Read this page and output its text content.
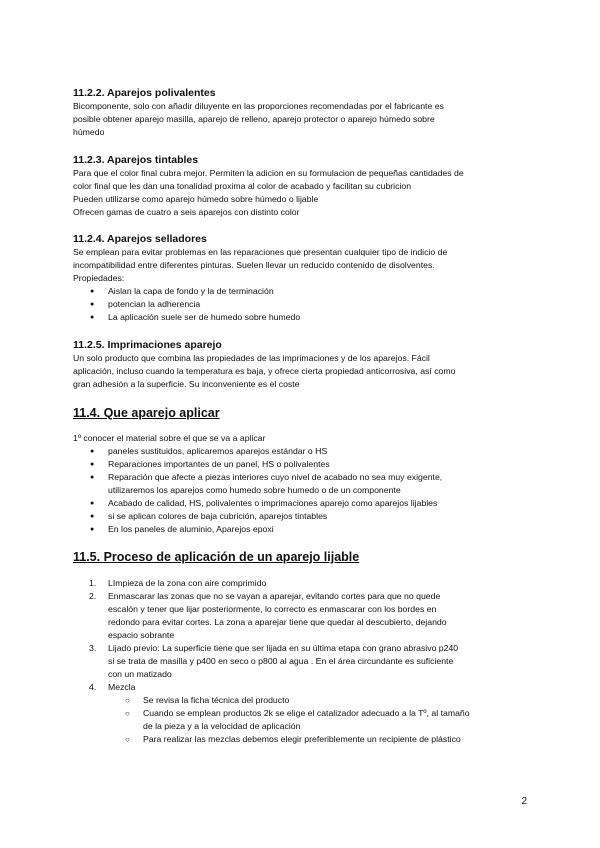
11.2.2. Aparejos polivalentes

Bicomponente, solo con añadir diluyente en las proporciones recomendadas por el fabricante es

posible obtener aparejo masilla, aparejo de relleno, aparejo protector o aparejo húmedo sobre

húmedo

11.2.3. Aparejos tintables

Para que el color final cubra mejor. Permiten la adicion en su formulacion de pequeñas cantidades de

color final que les dan una tonalidad proxima al color de acabado y facilitan su cubricion

Pueden utilizarse como aparejo húmedo sobre húmedo o lijable

Ofrecen gamas de cuatro a seis aparejos con distinto color

11.2.4. Aparejos selladores

Se emplean para evitar problemas en las reparaciones que presentan cualquier tipo de indicio de

incompatibilidad entre diferentes pinturas. Suelen llevar un reducido contenido de disolventes.

Propiedades:

● Aislan la capa de fondo y la de terminación
● potencian la adherencia
● La aplicación suele ser de humedo sobre humedo
11.2.5. Imprimaciones aparejo

Un solo producto que combina las propiedades de las imprimaciones y de los aparejos. Fácil

aplicación, incluso cuando la temperatura es baja, y ofrece cierta propiedad anticorrosiva, así como

gran adhesión a la superficie. Su inconveniente es el coste

11.4. Que aparejo aplicar

1º conocer el material sobre el que se va a aplicar

● paneles sustituidos, aplicaremos aparejos estándar o HS
● Reparaciones importantes de un panel, HS o polivalentes
● Reparación que afecte a piezas interiores cuyo nivel de acabado no sea muy exigente,
utilizaremos los aparejos como humedo sobre humedo o de un componente
● Acabado de calidad, HS, polivalentes o imprimaciones aparejo como aparejos lijables
● si se aplican colores de baja cubrición, aparejos tintables
● En los paneles de aluminio, Aparejos epoxi
11.5. Proceso de aplicación de un aparejo lijable
1. LImpieza de la zona con aire comprimido
2. Enmascarar las zonas que no se vayan a aparejar, evitando cortes para que no quede
escalón y tener que lijar posteriormente, lo correcto es enmascarar con los bordes en
redondo para evitar cortes. La zona a aparejar tiene que quedar al descubierto, dejando
espacio sobrante
3. Lijado previo: La superficie tiene que ser lijada en su última etapa con grano abrasivo p240
si se trata de masilla y p400 en seco o p800 al agua . En el área circundante es suficiente
con un matizado
4. Mezcla
○ Se revisa la ficha técnica del producto
○ Cuando se emplean productos 2k se elige el catalizador adecuado a la Tº, al tamaño
de la pieza y a la velocidad de aplicación
○ Para realizar las mezclas debemos elegir preferiblemente un recipiente de plástico
2
